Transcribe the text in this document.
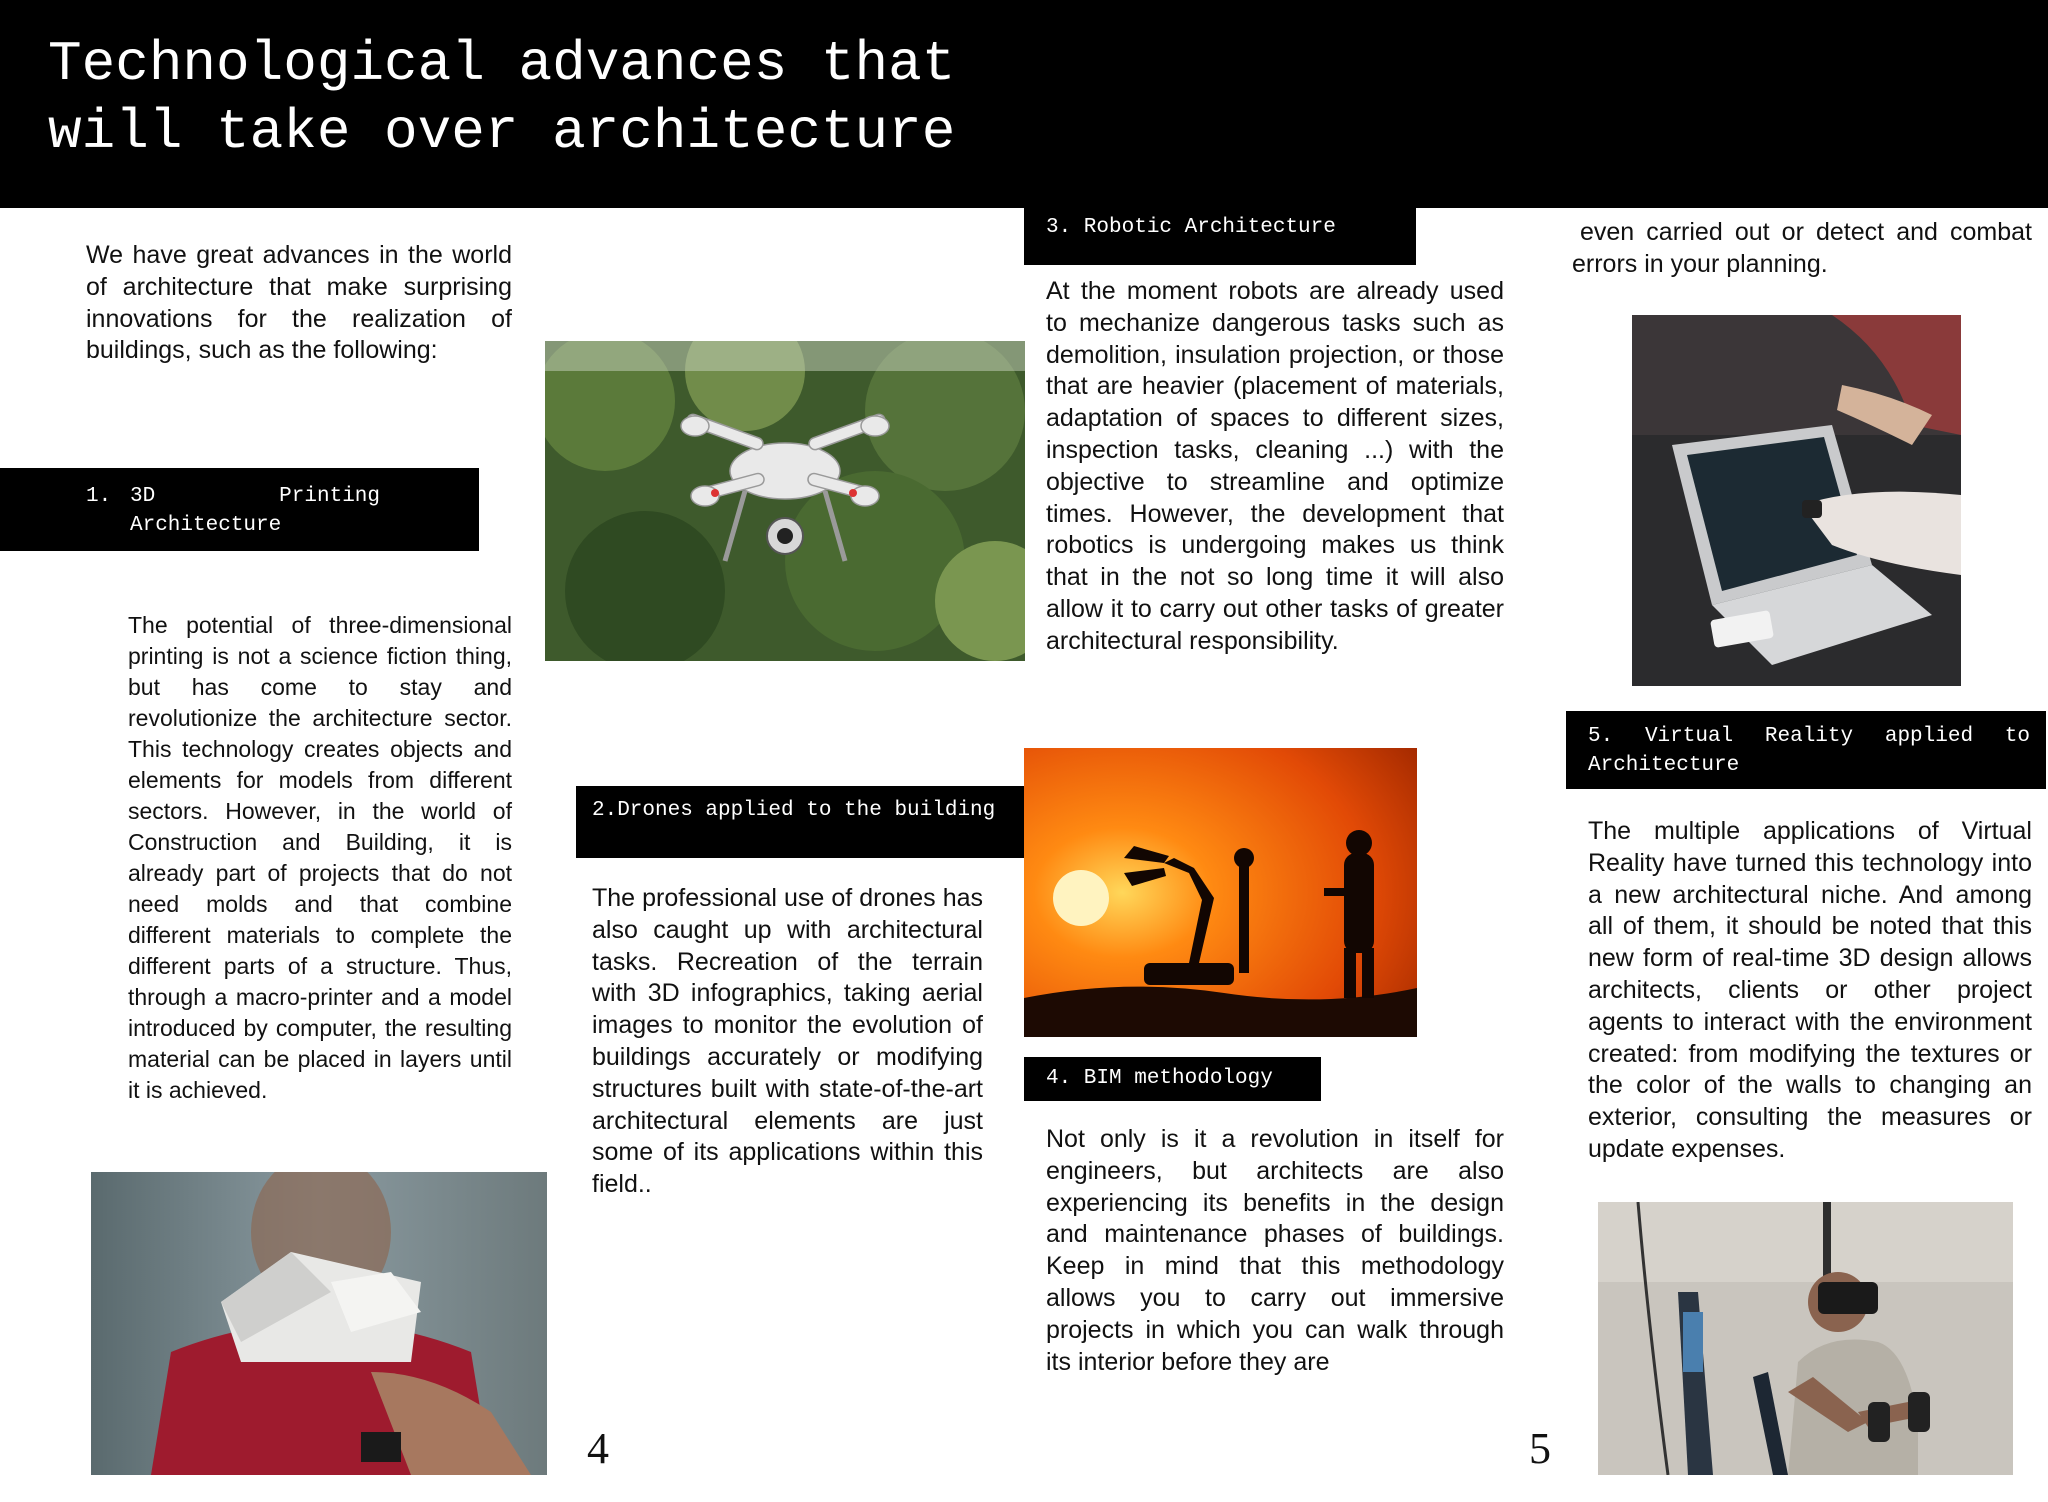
Technological advances that
will take over architecture
We have great advances in the world of architecture that make surprising innovations for the realization of buildings, such as the following:
1. 3D Printing Architecture
The potential of three-dimensional printing is not a science fiction thing, but has come to stay and revolutionize the architecture sector. This technology creates objects and elements for models from different sectors. However, in the world of Construction and Building, it is already part of projects that do not need molds and that combine different materials to complete the different parts of a structure. Thus, through a macro-printer and a model introduced by computer, the resulting material can be placed in layers until it is achieved.
2.Drones applied to the building
The professional use of drones has also caught up with architectural tasks. Recreation of the terrain with 3D infographics, taking aerial images to monitor the evolution of buildings accurately or modifying structures built with state-of-the-art architectural elements are just some of its applications within this field..
4
3. Robotic Architecture
At the moment robots are already used to mechanize dangerous tasks such as demolition, insulation projection, or those that are heavier (placement of materials, adaptation of spaces to different sizes, inspection tasks, cleaning ...) with the objective to streamline and optimize times. However, the development that robotics is undergoing makes us think that in the not so long time it will also allow it to carry out other tasks of greater architectural responsibility.
4. BIM methodology
Not only is it a revolution in itself for engineers, but architects are also experiencing its benefits in the design and maintenance phases of buildings. Keep in mind that this methodology allows you to carry out immersive projects in which you can walk through its interior before they are
5
even carried out or detect and combat errors in your planning.
5. Virtual Reality applied to Architecture
The multiple applications of Virtual Reality have turned this technology into a new architectural niche. And among all of them, it should be noted that this new form of real-time 3D design allows architects, clients or other project agents to interact with the environment created: from modifying the textures or the color of the walls to changing an exterior, consulting the measures or update expenses.
